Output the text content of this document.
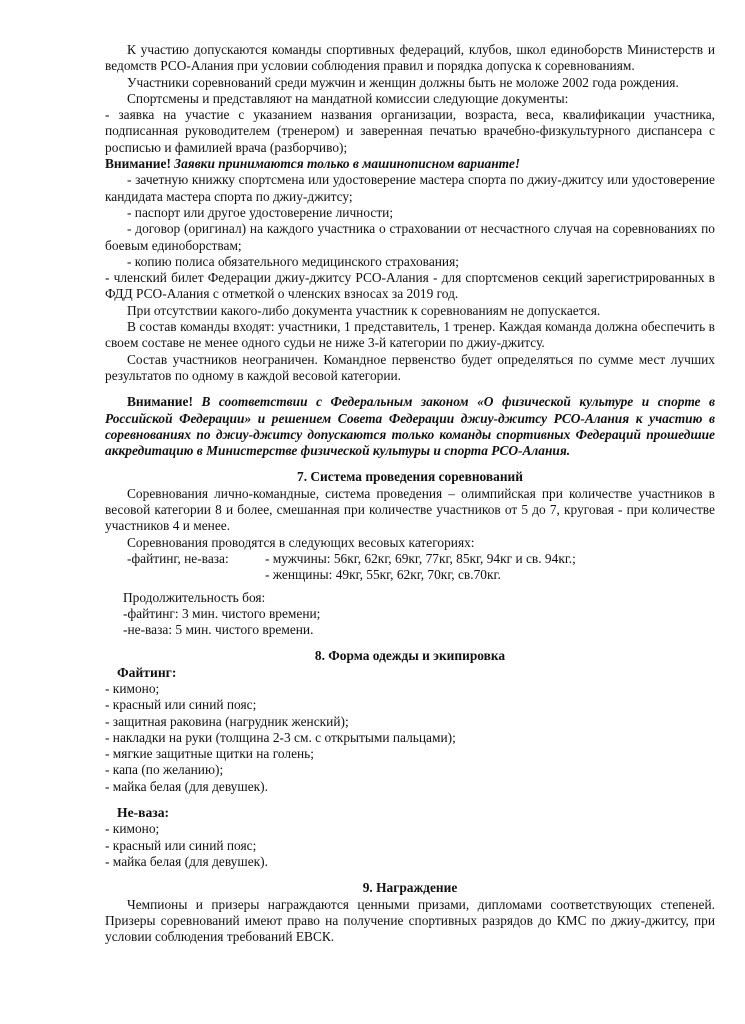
К участию допускаются команды спортивных федераций, клубов, школ единоборств Министерств и ведомств РСО-Алания при условии соблюдения правил и порядка допуска к соревнованиям.

Участники соревнований среди мужчин и женщин должны быть не моложе 2002 года рождения.

Спортсмены и представляют на мандатной комиссии следующие документы:

- заявка на участие с указанием названия организации, возраста, веса, квалификации участника, подписанная руководителем (тренером) и заверенная печатью врачебно-физкультурного диспансера с росписью и фамилией врача (разборчиво);

Внимание! Заявки принимаются только в машинописном варианте!

- зачетную книжку спортсмена или удостоверение мастера спорта по джиу-джитсу или удостоверение кандидата мастера спорта по джиу-джитсу;

- паспорт или другое удостоверение личности;

- договор (оригинал) на каждого участника о страховании от несчастного случая на соревнованиях по боевым единоборствам;

- копию полиса обязательного медицинского страхования;

- членский билет Федерации джиу-джитсу РСО-Алания - для спортсменов секций зарегистрированных в ФДД РСО-Алания с отметкой о членских взносах за 2019 год.

При отсутствии какого-либо документа участник к соревнованиям не допускается.

В состав команды входят: участники, 1 представитель, 1 тренер. Каждая команда должна обеспечить в своем составе не менее одного судьи не ниже 3-й категории по джиу-джитсу.

Состав участников неограничен. Командное первенство будет определяться по сумме мест лучших результатов по одному в каждой весовой категории.

Внимание! В соответствии с Федеральным законом «О физической культуре и спорте в Российской Федерации» и решением Совета Федерации джиу-джитсу РСО-Алания к участию в соревнованиях по джиу-джитсу допускаются только команды спортивных Федераций прошедшие аккредитацию в Министерстве физической культуры и спорта РСО-Алания.

7. Система проведения соревнований

Соревнования лично-командные, система проведения – олимпийская при количестве участников в весовой категории 8 и более, смешанная при количестве участников от 5 до 7, круговая - при количестве участников 4 и менее.

Соревнования проводятся в следующих весовых категориях:

-файтинг, не-ваза:	- мужчины: 56кг, 62кг, 69кг, 77кг, 85кг, 94кг и св. 94кг.;
- женщины: 49кг, 55кг, 62кг, 70кг, св.70кг.
Продолжительность боя:
-файтинг: 3 мин. чистого времени;
-не-ваза: 5 мин. чистого времени.
8. Форма одежды и экипировка
Файтинг:
- кимоно;
- красный или синий пояс;
- защитная раковина (нагрудник женский);
- накладки на руки (толщина 2-3 см. с открытыми пальцами);
- мягкие защитные щитки на голень;
- капа (по желанию);
- майка белая (для девушек).
Не-ваза:
- кимоно;
- красный или синий пояс;
- майка белая (для девушек).
9. Награждение

Чемпионы и призеры награждаются ценными призами, дипломами соответствующих степеней. Призеры соревнований имеют право на получение спортивных разрядов до КМС по джиу-джитсу, при условии соблюдения требований ЕВСК.
